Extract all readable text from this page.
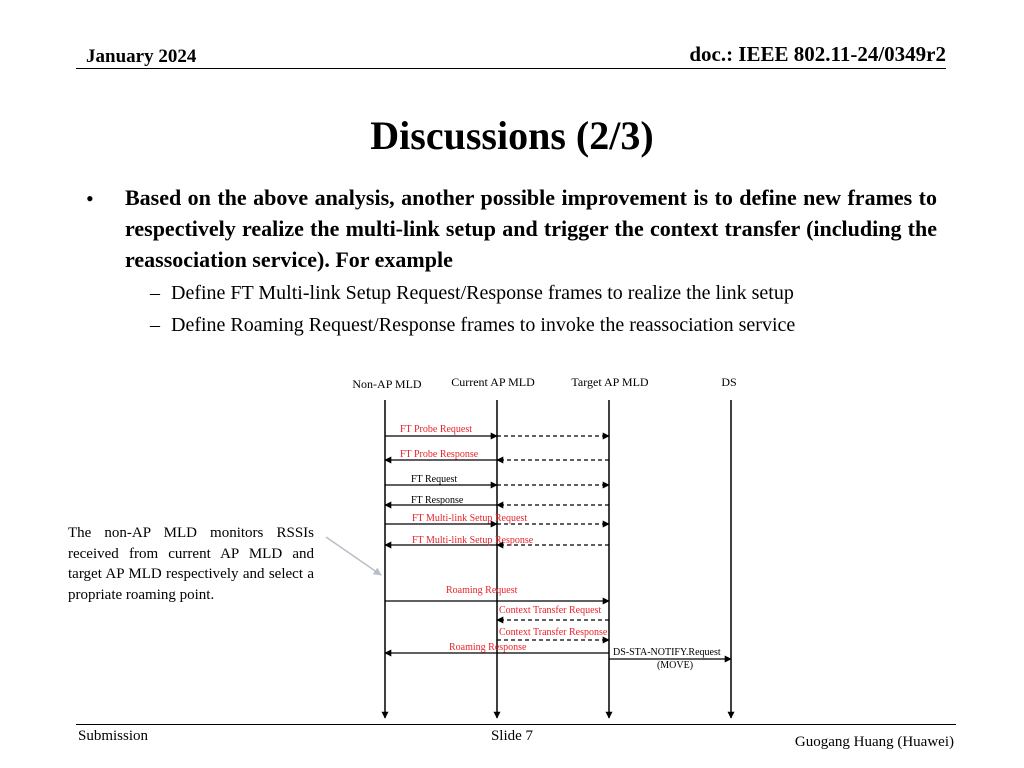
January 2024	doc.: IEEE 802.11-24/0349r2
Discussions (2/3)
• Based on the above analysis, another possible improvement is to define new frames to respectively realize the multi-link setup and trigger the context transfer (including the reassociation service). For example
– Define FT Multi-link Setup Request/Response frames to realize the link setup
– Define Roaming Request/Response frames to invoke the reassociation service
The non-AP MLD monitors RSSIs received from current AP MLD and target AP MLD respectively and select a propriate roaming point.
Non-AP MLD Current AP MLD	Target AP MLD	DS
FT Probe Request
FT Probe Response
FT Request
FT Response
FT Multi-link Setup Request
FT Multi-link Setup Response
Roaming Request
Context Transfer Request
Context Transfer Response
Roaming Response	DS-STA-NOTIFY.Request
(MOVE)
Submission	Slide 7	Guogang Huang (Huawei)
